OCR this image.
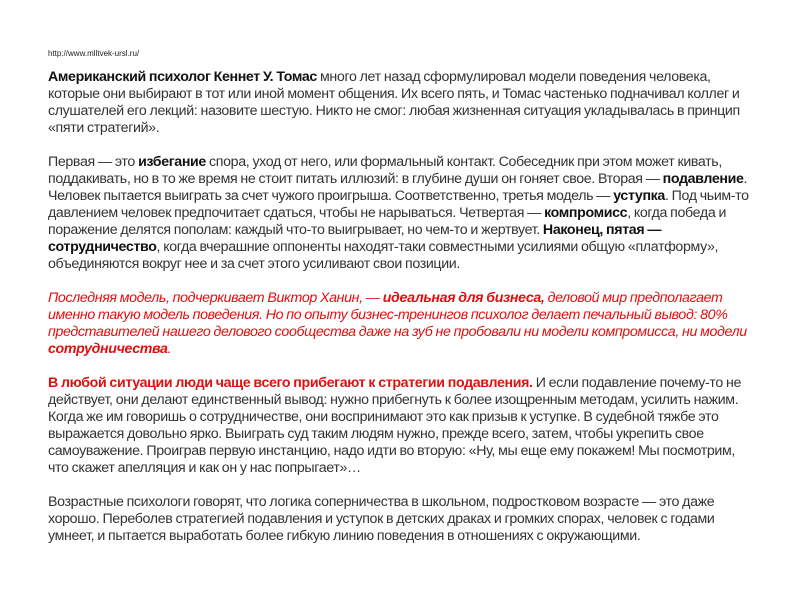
http://www.mlltvek-ursl.ru/

Американский психолог Кеннет У. Томас много лет назад сформулировал модели поведения человека, которые они выбирают в тот или иной момент общения. Их всего пять, и Томас частенько подначивал коллег и слушателей его лекций: назовите шестую. Никто не смог: любая жизненная ситуация укладывалась в принцип «пяти стратегий».

Первая — это избегание спора, уход от него, или формальный контакт. Собеседник при этом может кивать, поддакивать, но в то же время не стоит питать иллюзий: в глубине души он гоняет свое. Вторая — подавление. Человек пытается выиграть за счет чужого проигрыша. Соответственно, третья модель — уступка. Под чьим-то давлением человек предпочитает сдаться, чтобы не нарываться. Четвертая — компромисс, когда победа и поражение делятся пополам: каждый что-то выигрывает, но чем-то и жертвует. Наконец, пятая — сотрудничество, когда вчерашние оппоненты находят-таки совместными усилиями общую «платформу», объединяются вокруг нее и за счет этого усиливают свои позиции.

Последняя модель, подчеркивает Виктор Ханин, — идеальная для бизнеса, деловой мир предполагает именно такую модель поведения. Но по опыту бизнес-тренингов психолог делает печальный вывод: 80% представителей нашего делового сообщества даже на зуб не пробовали ни модели компромисса, ни модели сотрудничества.

В любой ситуации люди чаще всего прибегают к стратегии подавления. И если подавление почему-то не действует, они делают единственный вывод: нужно прибегнуть к более изощренным методам, усилить нажим. Когда же им говоришь о сотрудничестве, они воспринимают это как призыв к уступке. В судебной тяжбе это выражается довольно ярко. Выиграть суд таким людям нужно, прежде всего, затем, чтобы укрепить свое самоуважение. Проиграв первую инстанцию, надо идти во вторую: «Ну, мы еще ему покажем! Мы посмотрим, что скажет апелляция и как он у нас попрыгает»…

Возрастные психологи говорят, что логика соперничества в школьном, подростковом возрасте — это даже хорошо. Переболев стратегией подавления и уступок в детских драках и громких спорах, человек с годами умнеет, и пытается выработать более гибкую линию поведения в отношениях с окружающими.
